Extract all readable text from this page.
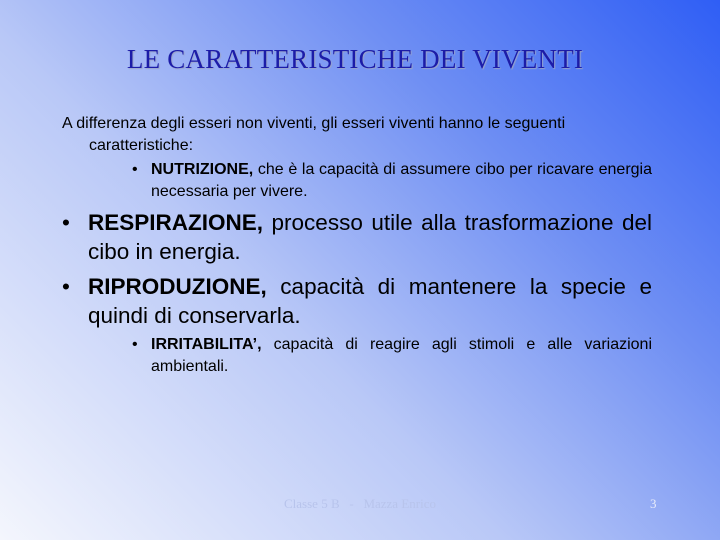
LE CARATTERISTICHE DEI VIVENTI
A differenza degli esseri non viventi, gli esseri viventi hanno le seguenti
caratteristiche:
• NUTRIZIONE, che è la capacità di assumere cibo per ricavare energia necessaria per vivere.
• RESPIRAZIONE, processo utile alla trasformazione del cibo in energia.
• RIPRODUZIONE, capacità di mantenere la specie e quindi di conservarla.
• IRRITABILITA’, capacità di reagire agli stimoli e alle variazioni ambientali.
Classe 5 B   -   Mazza Enrico	3
